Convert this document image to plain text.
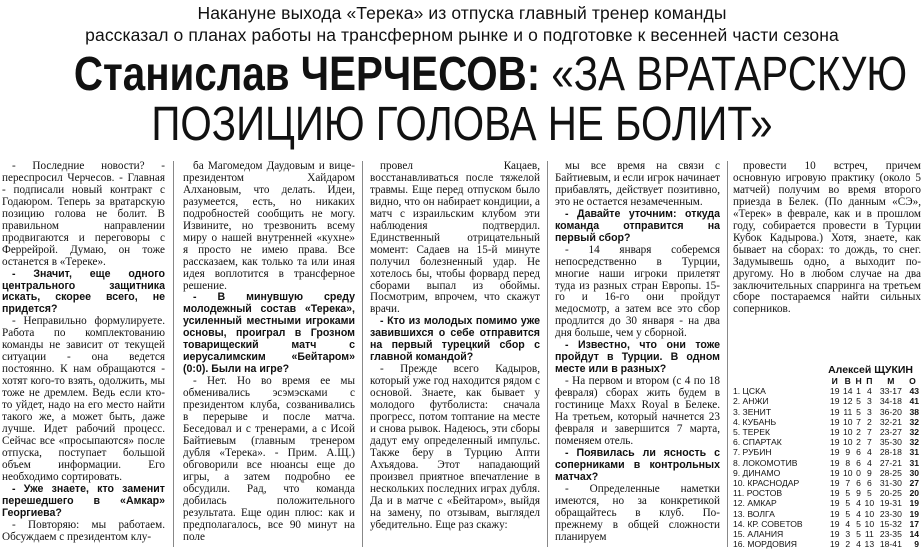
Накануне выхода «Терека» из отпуска главный тренер команды
рассказал о планах работы на трансферном рынке и о подготовке к весенней части сезона
Станислав ЧЕРЧЕСОВ: «ЗА ВРАТАРСКУЮ
ПОЗИЦИЮ ГОЛОВА НЕ БОЛИТ»

- Последние новости? - переспросил Черчесов. - Главная - подписали новый контракт с Годаюром. Теперь за вратарскую позицию голова не болит. В правильном направлении продвигаются и переговоры с Феррейрой. Думаю, он тоже останется в «Тереке».

- Значит, еще одного центрального защитника искать, скорее всего, не придется?

- Неправильно формулируете. Работа по комплектованию команды не зависит от текущей ситуации - она ведется постоянно. К нам обращаются - хотят кого-то взять, одолжить, мы тоже не дремлем. Ведь если кто-то уйдет, надо на его место найти такого же, а может быть, даже лучше. Идет рабочий процесс. Сейчас все «просыпаются» после отпуска, поступает большой объем информации. Его необходимо сортировать.

- Уже знаете, кто заменит перешедшего в «Амкар» Георгиева?

- Повторяю: мы работаем. Обсуждаем с президентом клу-

ба Магомедом Даудовым и вице-президентом Хайдаром Алхановым, что делать. Идеи, разумеется, есть, но никаких подробностей сообщить не могу. Извините, но трезвонить всему миру о нашей внутренней «кухне» я просто не имею права. Все рассказаем, как только та или иная идея воплотится в трансферное решение.

- В минувшую среду молодежный состав «Терека», усиленный местными игроками основы, проиграл в Грозном товарищеский матч с иерусалимским «Бейтаром» (0:0). Были на игре?

- Нет. Но во время ее мы обменивались эсэмэсками с президентом клуба, созванивались в перерыве и после матча. Беседовал и с тренерами, а с Исой Байтиевым (главным тренером дубля «Терека». - Прим. А.Щ.) обговорили все нюансы еще до игры, а затем подробно ее обсудили. Рад, что команда добилась положительного результата. Еще один плюс: как и предполагалось, все 90 минут на поле

провел Кацаев, восстанавливаться после тяжелой травмы. Еще перед отпуском было видно, что он набирает кондиции, а матч с израильским клубом эти наблюдения подтвердил. Единственный отрицательный момент: Садаев на 15-й минуте получил болезненный удар. Не хотелось бы, чтобы форвард перед сборами выпал из обоймы. Посмотрим, впрочем, что скажут врачи.

- Кто из молодых помимо уже завившихся о себе отправится на первый турецкий сбор с главной командой?

- Прежде всего Кадыров, который уже год находится рядом с основой. Знаете, как бывает у молодого футболиста: сначала прогресс, потом топтание на месте и снова рывок. Надеюсь, эти сборы дадут ему определенный импульс. Также беру в Турцию Апти Ахъядова. Этот нападающий произвел приятное впечатление в нескольких последних играх дубля. Да и в матче с «Бейтаром», выйдя на замену, по отзывам, выглядел убедительно. Еще раз скажу:

мы все время на связи с Байтиевым, и если игрок начинает прибавлять, действует позитивно, это не остается незамеченным.

- Давайте уточним: откуда команда отправится на первый сбор?

- 14 января соберемся непосредственно в Турции, многие наши игроки прилетят туда из разных стран Европы. 15-го и 16-го они пройдут медосмотр, а затем все это сбор продлится до 30 января - на два дня больше, чем у сборной.

- Известно, что они тоже пройдут в Турции. В одном месте или в разных?

- На первом и втором (с 4 по 18 февраля) сборах жить будем в гостинице Maxx Royal в Белеке. На третьем, который начнется 23 февраля и завершится 7 марта, поменяем отель.

- Появилась ли ясность с соперниками в контрольных матчах?

- Определенные наметки имеются, но за конкретикой обращайтесь в клуб. По-прежнему в общей сложности планируем

провести 10 встреч, причем основную игровую практику (около 5 матчей) получим во время второго приезда в Белек. (По данным «СЭ», «Терек» в феврале, как и в прошлом году, собирается провести в Турции Кубок Кадырова.) Хотя, знаете, как бывает на сборах: то дождь, то снег. Задумывешь одно, а выходит по-другому. Но в любом случае на два заключительных спарринга на третьем сборе постараемся найти сильных соперников.

Алексей ЩУКИН
	И	В	Н	П	М	О
1. ЦСКА	19	14	1	4	33-17	43
2. АНЖИ	19	12	5	3	34-18	41
3. ЗЕНИТ	19	11	5	3	36-20	38
4. КУБАНЬ	19	10	7	2	32-21	32
5. ТЕРЕК	19	10	2	7	23-27	32
6. СПАРТАК	19	10	2	7	35-30	32
7. РУБИН	19	9	6	4	28-18	31
8. ЛОКОМОТИВ	19	8	6	4	27-21	31
9. ДИНАМО	19	10	0	9	28-25	30
10. КРАСНОДАР	19	7	6	6	31-30	27
11. РОСТОВ	19	5	9	5	20-25	20
12. АМКАР	19	5	4	10	19-31	19
13. ВОЛГА	19	5	4	10	23-30	19
14. КР. СОВЕТОВ	19	4	5	10	15-32	17
15. АЛАНИЯ	19	3	5	11	23-35	14
16. МОРДОВИЯ	19	2	4	13	18-41	9
